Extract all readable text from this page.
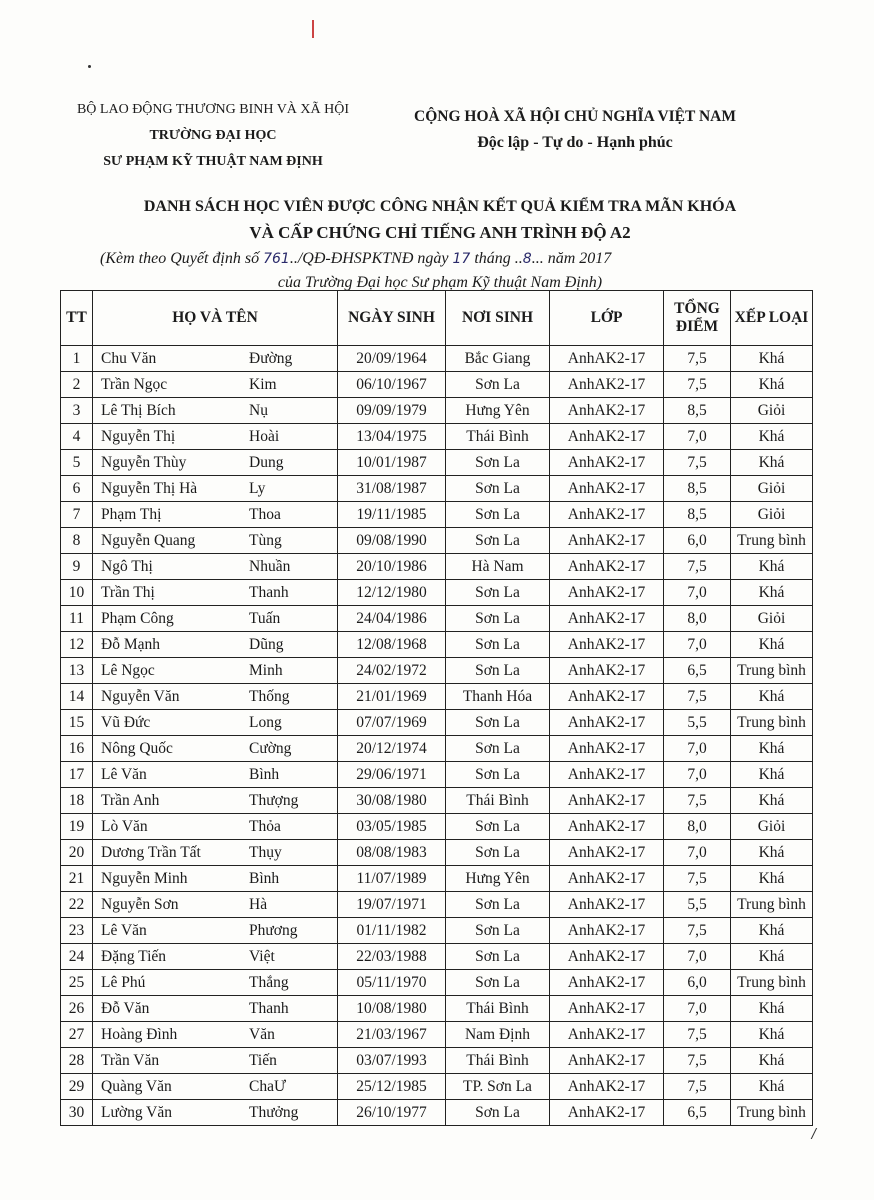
BỘ LAO ĐỘNG THƯƠNG BINH VÀ XÃ HỘI
TRƯỜNG ĐẠI HỌC
SƯ PHẠM KỸ THUẬT NAM ĐỊNH
CỘNG HOÀ XÃ HỘI CHỦ NGHĨA VIỆT NAM
Độc lập - Tự do - Hạnh phúc
DANH SÁCH HỌC VIÊN ĐƯỢC CÔNG NHẬN KẾT QUẢ KIỂM TRA MÃN KHÓA
VÀ CẤP CHỨNG CHỈ TIẾNG ANH TRÌNH ĐỘ A2
(Kèm theo Quyết định số 761../QĐ-ĐHSPKTNĐ ngày 17 tháng ..8... năm 2017
của Trường Đại học Sư phạm Kỹ thuật Nam Định)
TT	HỌ VÀ TÊN	NGÀY SINH	NƠI SINH	LỚP	TỔNG ĐIỂM	XẾP LOẠI
1	Chu Văn Đường	20/09/1964	Bắc Giang	AnhAK2-17	7,5	Khá
2	Trần Ngọc Kim	06/10/1967	Sơn La	AnhAK2-17	7,5	Khá
3	Lê Thị Bích Nụ	09/09/1979	Hưng Yên	AnhAK2-17	8,5	Giỏi
4	Nguyễn Thị Hoài	13/04/1975	Thái Bình	AnhAK2-17	7,0	Khá
5	Nguyễn Thùy Dung	10/01/1987	Sơn La	AnhAK2-17	7,5	Khá
6	Nguyễn Thị Hà Ly	31/08/1987	Sơn La	AnhAK2-17	8,5	Giỏi
7	Phạm Thị Thoa	19/11/1985	Sơn La	AnhAK2-17	8,5	Giỏi
8	Nguyễn Quang Tùng	09/08/1990	Sơn La	AnhAK2-17	6,0	Trung bình
9	Ngô Thị Nhuần	20/10/1986	Hà Nam	AnhAK2-17	7,5	Khá
10	Trần Thị Thanh	12/12/1980	Sơn La	AnhAK2-17	7,0	Khá
11	Phạm Công Tuấn	24/04/1986	Sơn La	AnhAK2-17	8,0	Giỏi
12	Đỗ Mạnh Dũng	12/08/1968	Sơn La	AnhAK2-17	7,0	Khá
13	Lê Ngọc Minh	24/02/1972	Sơn La	AnhAK2-17	6,5	Trung bình
14	Nguyễn Văn Thống	21/01/1969	Thanh Hóa	AnhAK2-17	7,5	Khá
15	Vũ Đức Long	07/07/1969	Sơn La	AnhAK2-17	5,5	Trung bình
16	Nông Quốc Cường	20/12/1974	Sơn La	AnhAK2-17	7,0	Khá
17	Lê Văn Bình	29/06/1971	Sơn La	AnhAK2-17	7,0	Khá
18	Trần Anh Thượng	30/08/1980	Thái Bình	AnhAK2-17	7,5	Khá
19	Lò Văn Thỏa	03/05/1985	Sơn La	AnhAK2-17	8,0	Giỏi
20	Dương Trần Tất Thụy	08/08/1983	Sơn La	AnhAK2-17	7,0	Khá
21	Nguyễn Minh Bình	11/07/1989	Hưng Yên	AnhAK2-17	7,5	Khá
22	Nguyễn Sơn Hà	19/07/1971	Sơn La	AnhAK2-17	5,5	Trung bình
23	Lê Văn Phương	01/11/1982	Sơn La	AnhAK2-17	7,5	Khá
24	Đặng Tiến Việt	22/03/1988	Sơn La	AnhAK2-17	7,0	Khá
25	Lê Phú Thắng	05/11/1970	Sơn La	AnhAK2-17	6,0	Trung bình
26	Đỗ Văn Thanh	10/08/1980	Thái Bình	AnhAK2-17	7,0	Khá
27	Hoàng Đình Văn	21/03/1967	Nam Định	AnhAK2-17	7,5	Khá
28	Trần Văn Tiến	03/07/1993	Thái Bình	AnhAK2-17	7,5	Khá
29	Quàng Văn ChaƯ	25/12/1985	TP. Sơn La	AnhAK2-17	7,5	Khá
30	Lường Văn Thưởng	26/10/1977	Sơn La	AnhAK2-17	6,5	Trung bình
/
